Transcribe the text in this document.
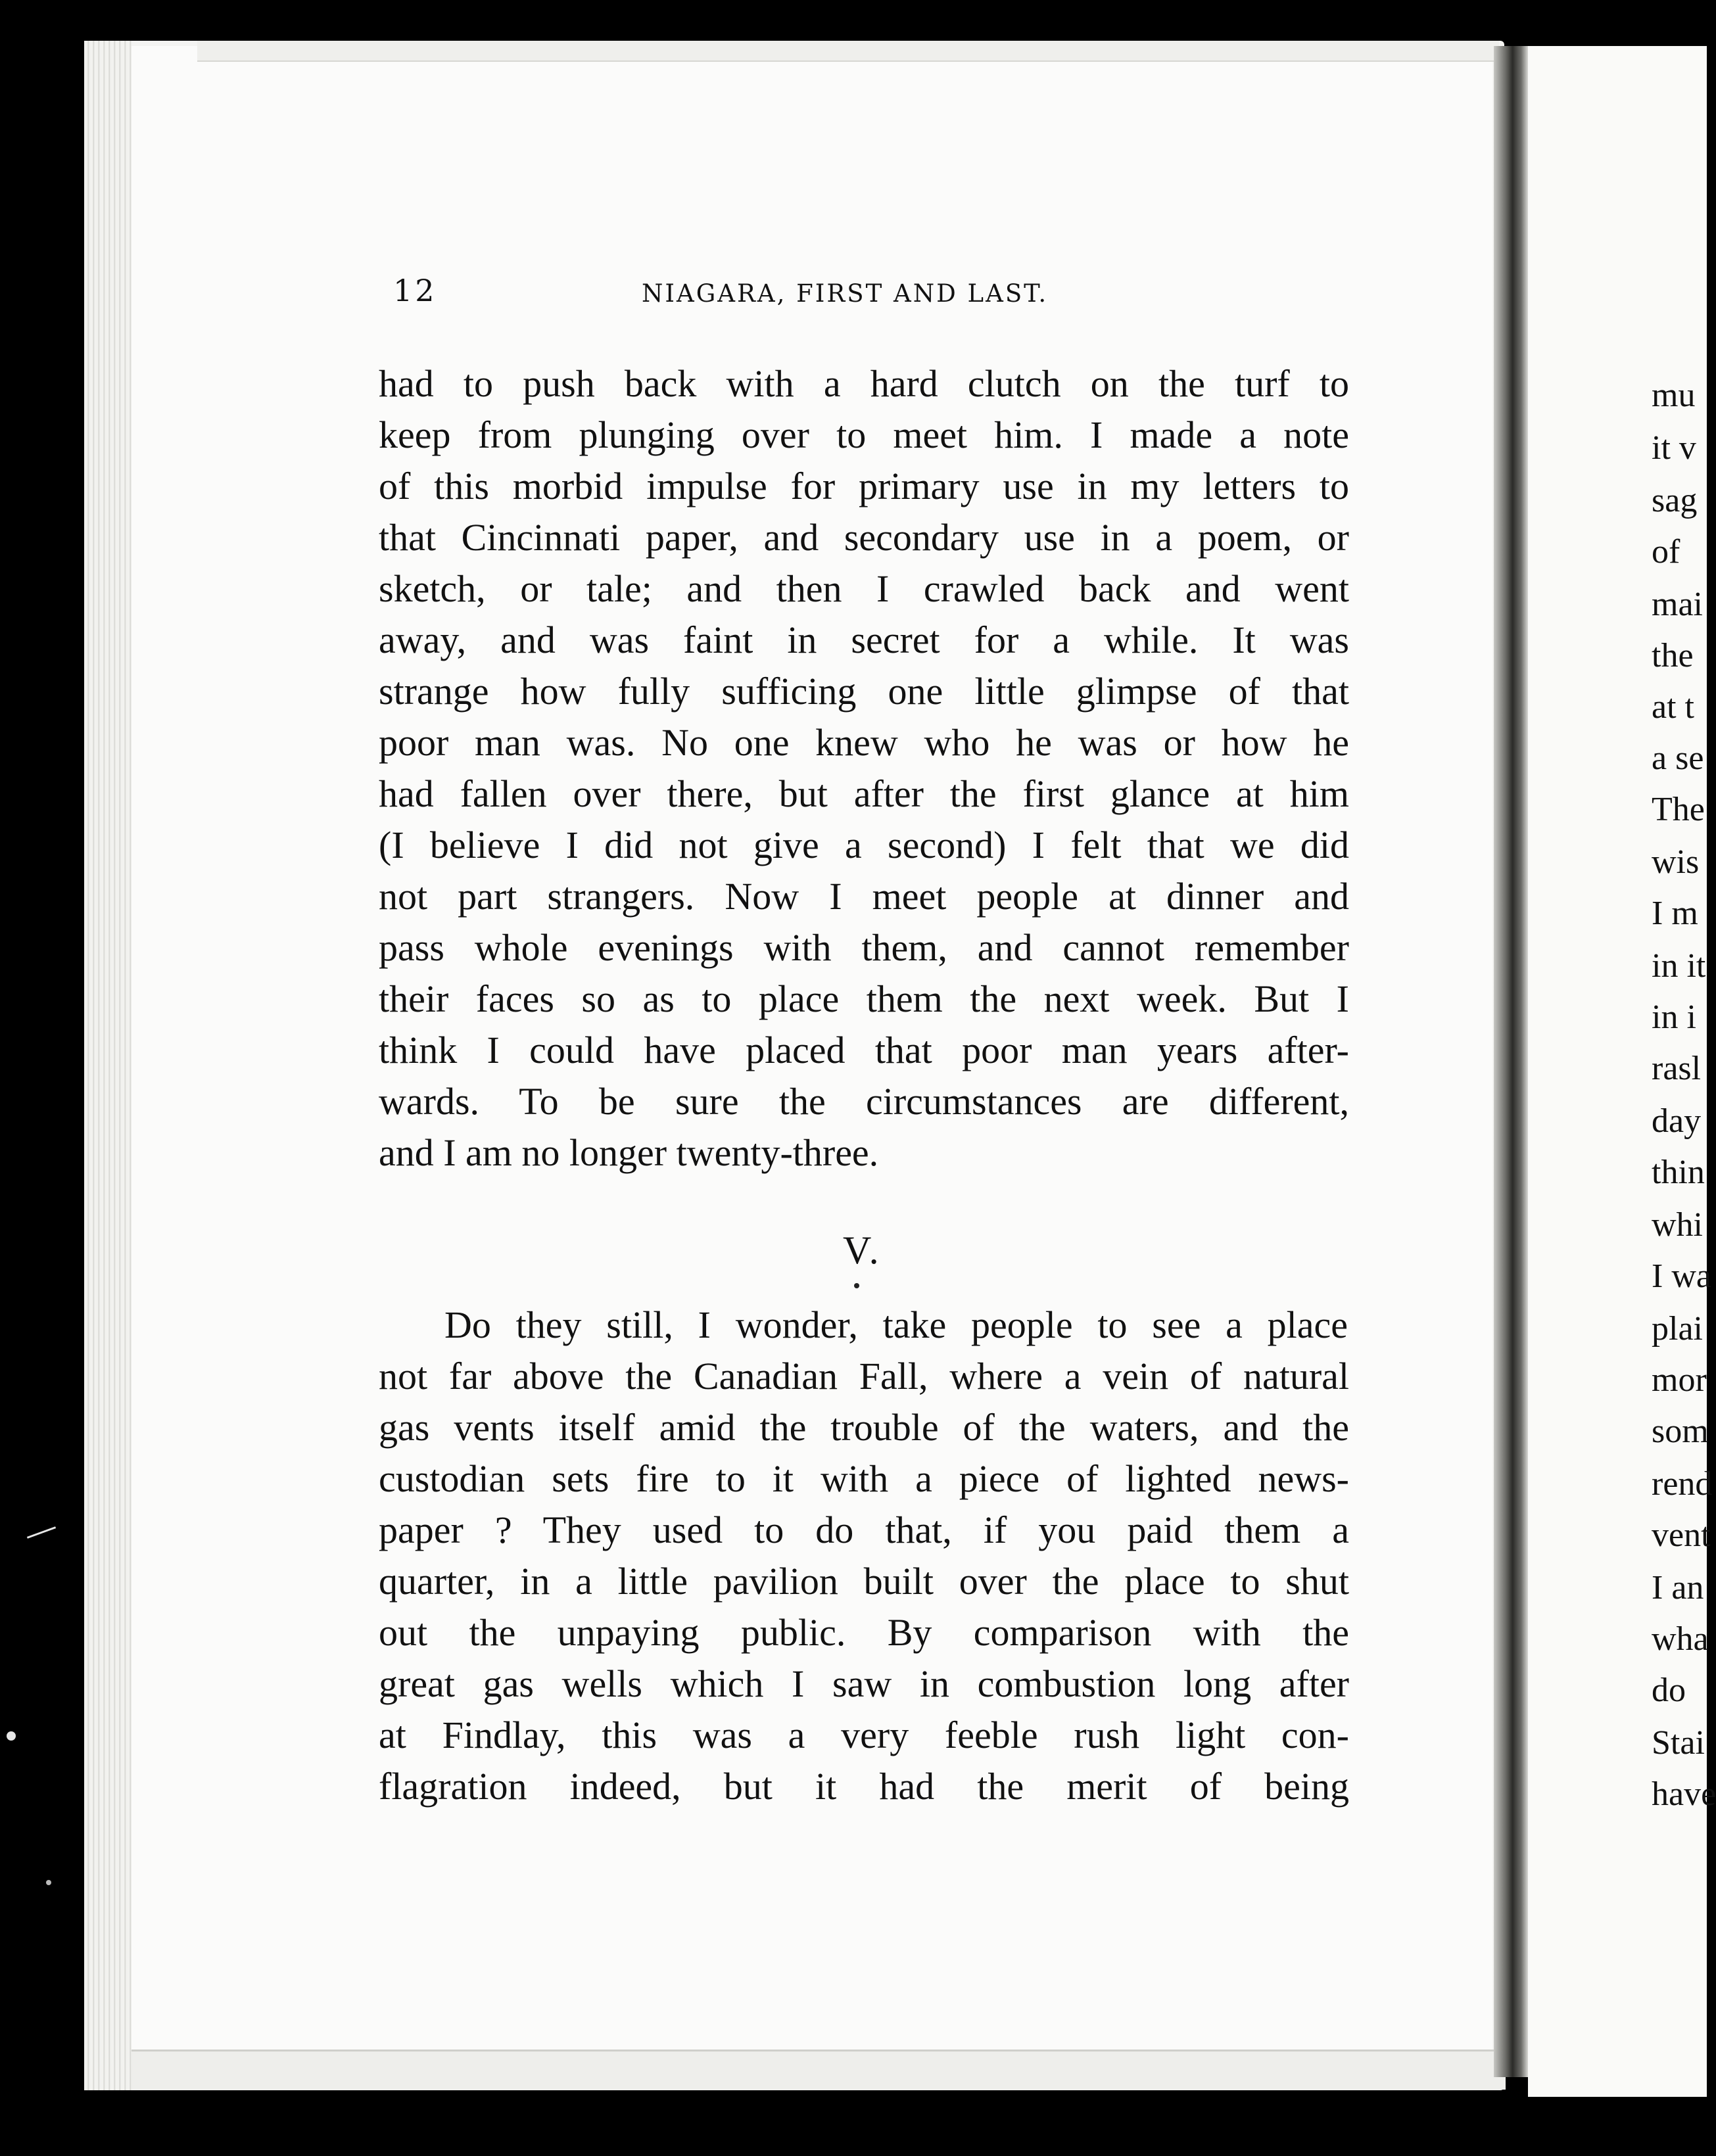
12	NIAGARA, FIRST AND LAST.
had to push back with a hard clutch on the turf to
keep from plunging over to meet him. I made a note
of this morbid impulse for primary use in my letters to
that Cincinnati paper, and secondary use in a poem, or
sketch, or tale; and then I crawled back and went
away, and was faint in secret for a while. It was
strange how fully sufficing one little glimpse of that
poor man was. No one knew who he was or how he
had fallen over there, but after the first glance at him
(I believe I did not give a second) I felt that we did
not part strangers. Now I meet people at dinner and
pass whole evenings with them, and cannot remember
their faces so as to place them the next week. But I
think I could have placed that poor man years after-
wards. To be sure the circumstances are different,
and I am no longer twenty-three.
V.
Do they still, I wonder, take people to see a place
not far above the Canadian Fall, where a vein of natural
gas vents itself amid the trouble of the waters, and the
custodian sets fire to it with a piece of lighted news-
paper ? They used to do that, if you paid them a
quarter, in a little pavilion built over the place to shut
out the unpaying public. By comparison with the
great gas wells which I saw in combustion long after
at Findlay, this was a very feeble rush light con-
flagration indeed, but it had the merit of being
mu
it v
sag
of
mai
the
at t
a se
The
wis
I m
in it
in i
rasl
day
thin
whi
I wa
plai
mor
som
rend
vent
I an
wha
do
Stai
have
